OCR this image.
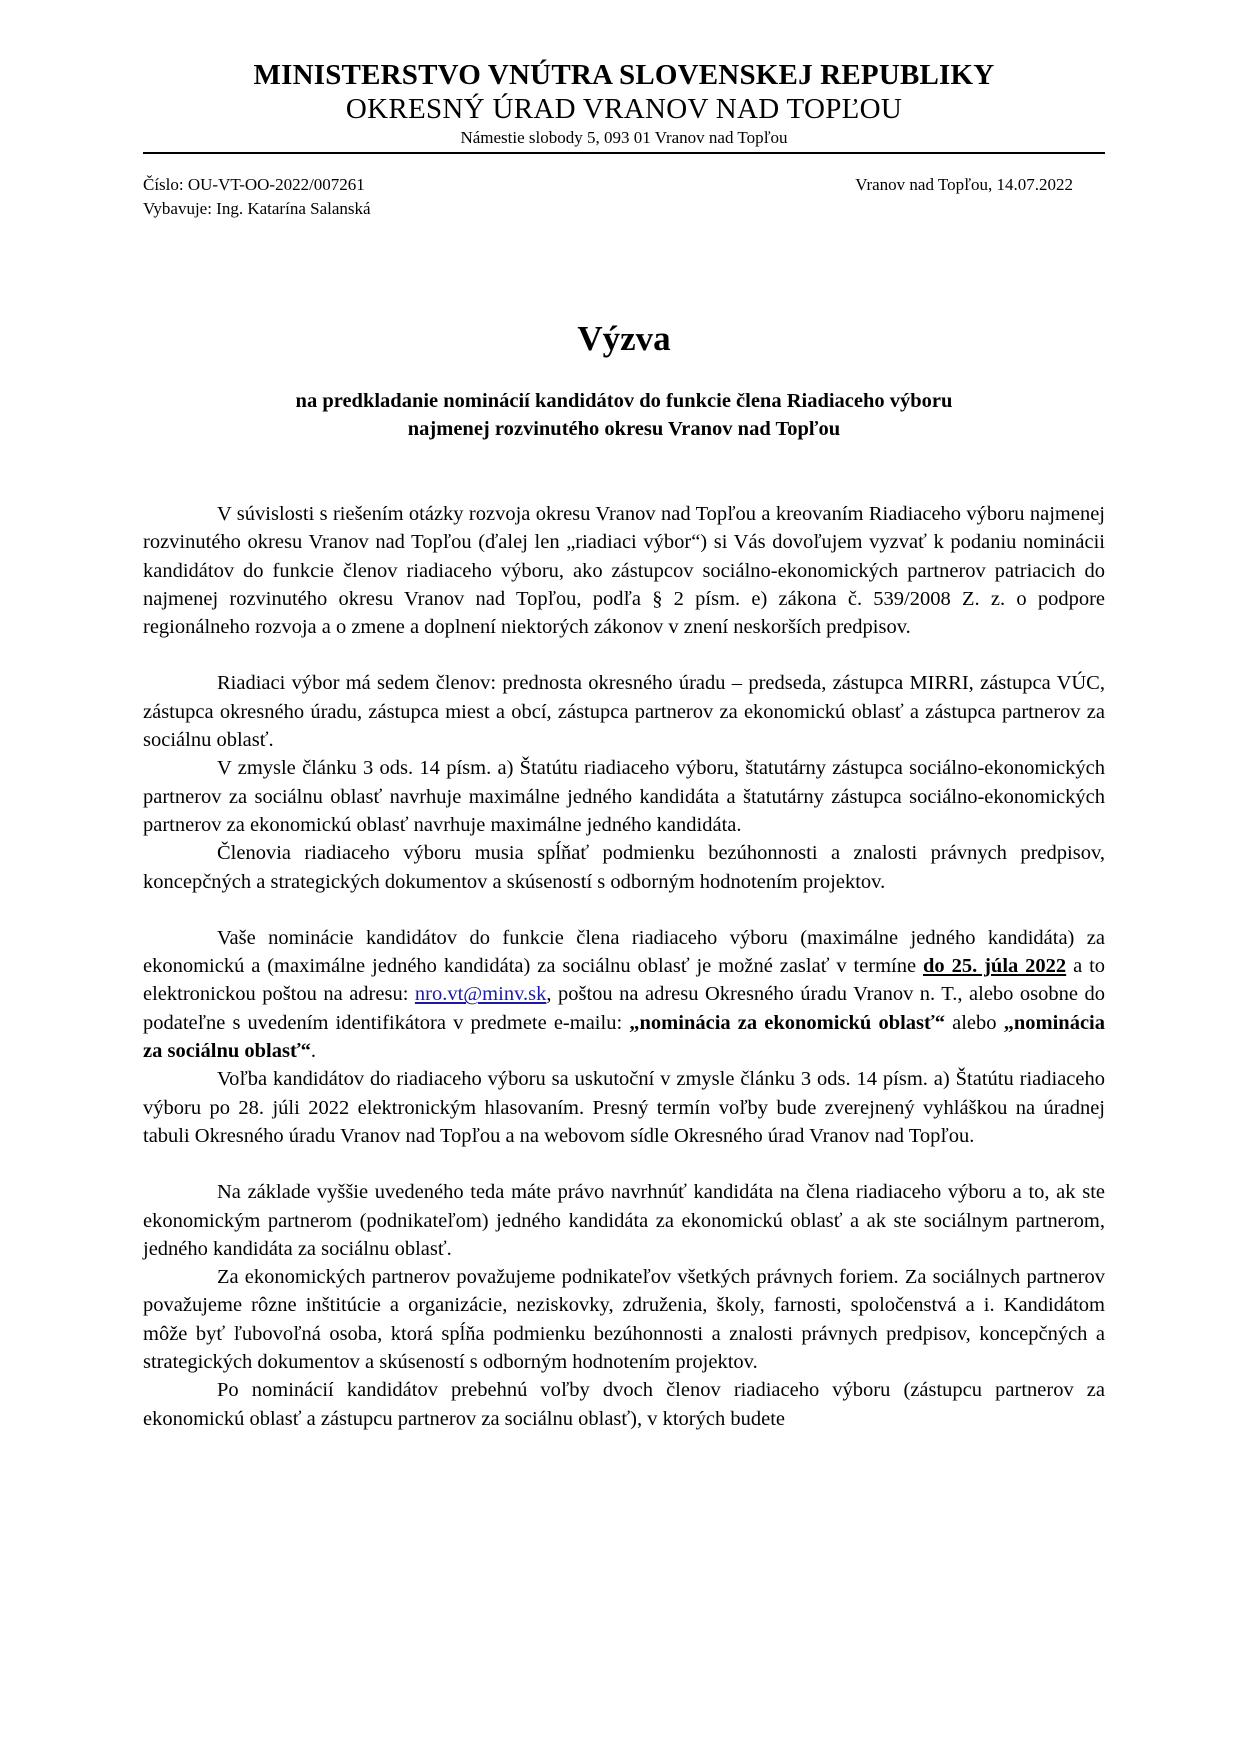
MINISTERSTVO VNÚTRA SLOVENSKEJ REPUBLIKY
OKRESNÝ ÚRAD VRANOV NAD TOPĽOU
Námestie slobody 5, 093 01 Vranov nad Topľou
Číslo: OU-VT-OO-2022/007261
Vybavuje: Ing. Katarína Salanská
Vranov nad Topľou, 14.07.2022
Výzva
na predkladanie nominácií kandidátov do funkcie člena Riadiaceho výboru
najmenej rozvinutého okresu Vranov nad Topľou

V súvislosti s riešením otázky rozvoja okresu Vranov nad Topľou a kreovaním Riadiaceho výboru najmenej rozvinutého okresu Vranov nad Topľou (ďalej len „riadiaci výbor“) si Vás dovoľujem vyzvať k podaniu nominácii kandidátov do funkcie členov riadiaceho výboru, ako zástupcov sociálno-ekonomických partnerov patriacich do najmenej rozvinutého okresu Vranov nad Topľou, podľa § 2 písm. e) zákona č. 539/2008 Z. z. o podpore regionálneho rozvoja a o zmene a doplnení niektorých zákonov v znení neskorších predpisov.

Riadiaci výbor má sedem členov: prednosta okresného úradu – predseda, zástupca MIRRI, zástupca VÚC, zástupca okresného úradu, zástupca miest a obcí, zástupca partnerov za ekonomickú oblasť a zástupca partnerov za sociálnu oblasť.

V zmysle článku 3 ods. 14 písm. a) Štatútu riadiaceho výboru, štatutárny zástupca sociálno-ekonomických partnerov za sociálnu oblasť navrhuje maximálne jedného kandidáta a štatutárny zástupca sociálno-ekonomických partnerov za ekonomickú oblasť navrhuje maximálne jedného kandidáta.

Členovia riadiaceho výboru musia spĺňať podmienku bezúhonnosti a znalosti právnych predpisov, koncepčných a strategických dokumentov a skúseností s odborným hodnotením projektov.

Vaše nominácie kandidátov do funkcie člena riadiaceho výboru (maximálne jedného kandidáta) za ekonomickú a (maximálne jedného kandidáta) za sociálnu oblasť je možné zaslať v termíne do 25. júla 2022 a to elektronickou poštou na adresu: nro.vt@minv.sk, poštou na adresu Okresného úradu Vranov n. T., alebo osobne do podateľne s uvedením identifikátora v predmete e-mailu: „nominácia za ekonomickú oblasť“ alebo „nominácia za sociálnu oblasť“.

Voľba kandidátov do riadiaceho výboru sa uskutoční v zmysle článku 3 ods. 14 písm. a) Štatútu riadiaceho výboru po 28. júli 2022 elektronickým hlasovaním. Presný termín voľby bude zverejnený vyhláškou na úradnej tabuli Okresného úradu Vranov nad Topľou a na webovom sídle Okresného úrad Vranov nad Topľou.

Na základe vyššie uvedeného teda máte právo navrhnúť kandidáta na člena riadiaceho výboru a to, ak ste ekonomickým partnerom (podnikateľom) jedného kandidáta za ekonomickú oblasť a ak ste sociálnym partnerom, jedného kandidáta za sociálnu oblasť.

Za ekonomických partnerov považujeme podnikateľov všetkých právnych foriem. Za sociálnych partnerov považujeme rôzne inštitúcie a organizácie, neziskovky, združenia, školy, farnosti, spoločenstvá a i. Kandidátom môže byť ľubovoľná osoba, ktorá spĺňa podmienku bezúhonnosti a znalosti právnych predpisov, koncepčných a strategických dokumentov a skúseností s odborným hodnotením projektov.

Po nominácií kandidátov prebehnú voľby dvoch členov riadiaceho výboru (zástupcu partnerov za ekonomickú oblasť a zástupcu partnerov za sociálnu oblasť), v ktorých budete
